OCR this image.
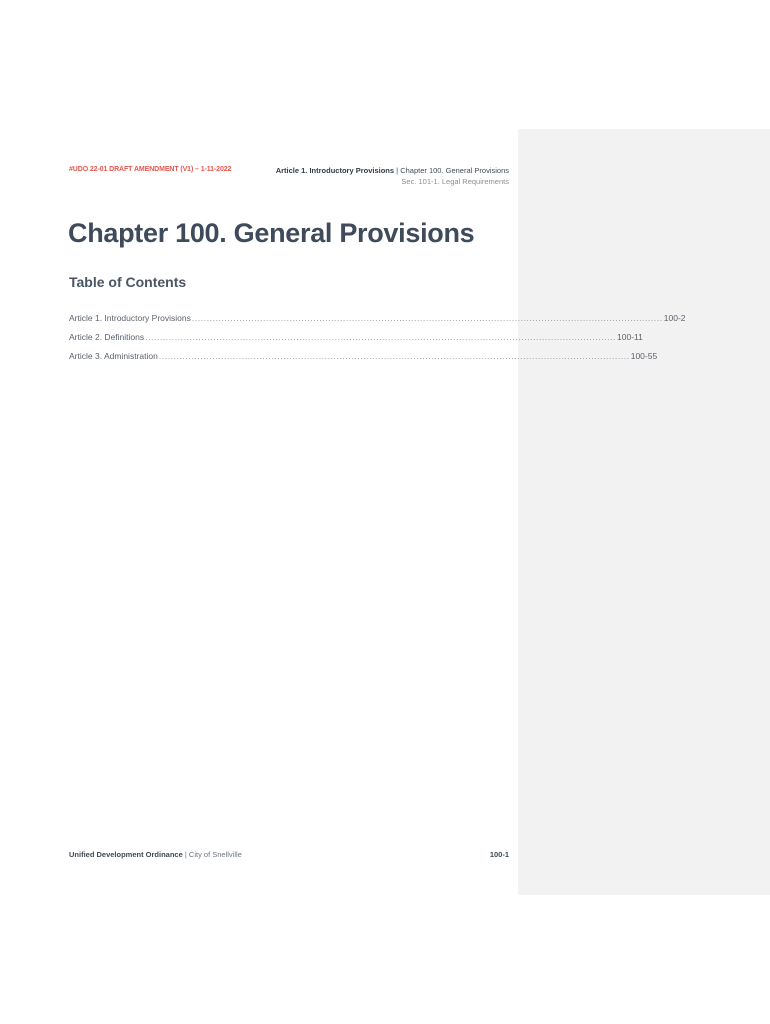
#UDO 22-01 DRAFT AMENDMENT (V1) – 1-11-2022	Article 1. Introductory Provisions | Chapter 100. General Provisions
Sec. 101-1. Legal Requirements
Chapter 100. General Provisions
Table of Contents
Article 1. Introductory Provisions ............................................................................................................................................................... 100-2
Article 2. Definitions ............................................................................................................................................................... 100-11
Article 3. Administration ............................................................................................................................................................... 100-55
Unified Development Ordinance | City of Snellville	100-1
